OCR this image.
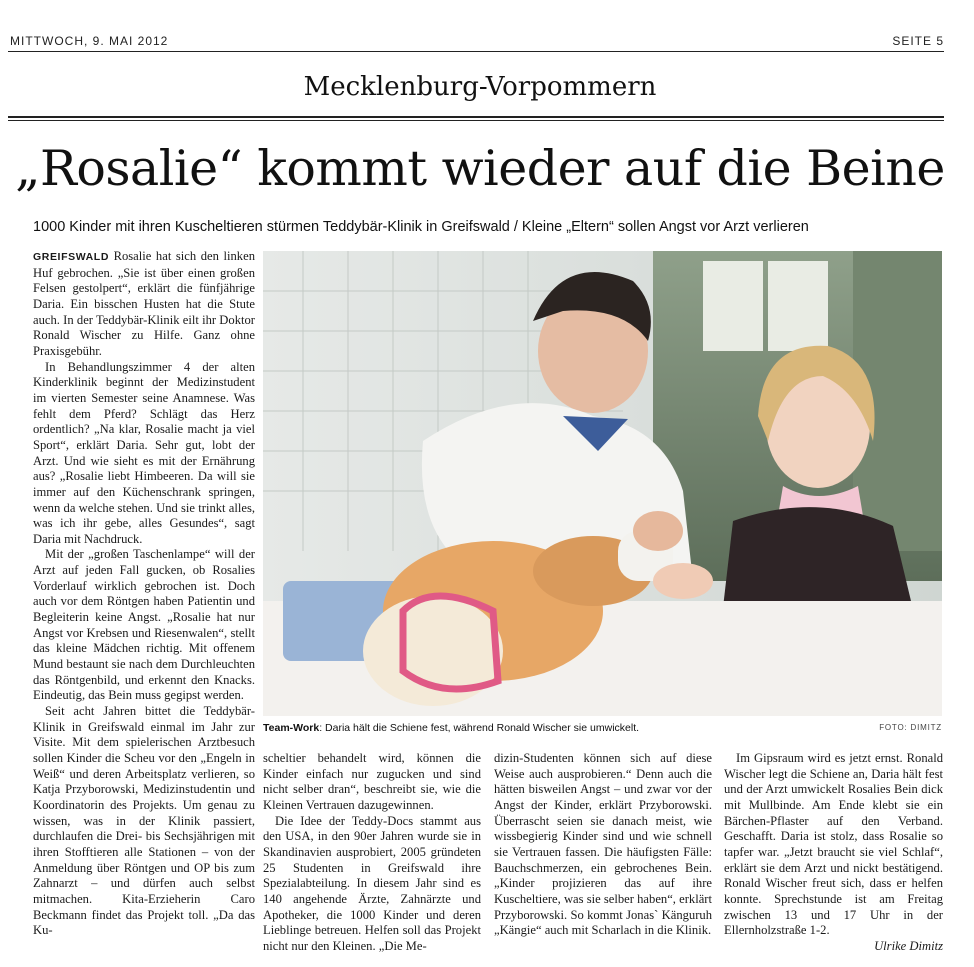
MITTWOCH, 9. MAI 2012	SEITE 5
Mecklenburg-Vorpommern
„Rosalie“ kommt wieder auf die Beine
1000 Kinder mit ihren Kuscheltieren stürmen Teddybär-Klinik in Greifswald / Kleine „Eltern“ sollen Angst vor Arzt verlieren

GREIFSWALD Rosalie hat sich den linken Huf gebrochen. „Sie ist über einen großen Felsen gestolpert“, erklärt die fünfjährige Daria. Ein bisschen Husten hat die Stute auch. In der Teddybär-Klinik eilt ihr Doktor Ronald Wischer zu Hilfe. Ganz ohne Praxisgebühr.

In Behandlungszimmer 4 der alten Kinderklinik beginnt der Medizinstudent im vierten Semester seine Anamnese. Was fehlt dem Pferd? Schlägt das Herz ordentlich? „Na klar, Rosalie macht ja viel Sport“, erklärt Daria. Sehr gut, lobt der Arzt. Und wie sieht es mit der Ernährung aus? „Rosalie liebt Himbeeren. Da will sie immer auf den Küchenschrank springen, wenn da welche stehen. Und sie trinkt alles, was ich ihr gebe, alles Gesundes“, sagt Daria mit Nachdruck.

Mit der „großen Taschenlampe“ will der Arzt auf jeden Fall gucken, ob Rosalies Vorderlauf wirklich gebrochen ist. Doch auch vor dem Röntgen haben Patientin und Begleiterin keine Angst. „Rosalie hat nur Angst vor Krebsen und Riesenwalen“, stellt das kleine Mädchen richtig. Mit offenem Mund bestaunt sie nach dem Durchleuchten das Röntgenbild, und erkennt den Knacks. Eindeutig, das Bein muss gegipst werden.

Seit acht Jahren bittet die Teddybär-Klinik in Greifswald einmal im Jahr zur Visite. Mit dem spielerischen Arztbesuch sollen Kinder die Scheu vor den „Engeln in Weiß“ und deren Arbeitsplatz verlieren, so Katja Przyborowski, Medizinstudentin und Koordinatorin des Projekts. Um genau zu wissen, was in der Klinik passiert, durchlaufen die Drei- bis Sechsjährigen mit ihren Stofftieren alle Stationen – von der Anmeldung über Röntgen und OP bis zum Zahnarzt – und dürfen auch selbst mitmachen. Kita-Erzieherin Caro Beckmann findet das Projekt toll. „Da das Ku-

Team-Work: Daria hält die Schiene fest, während Ronald Wischer sie umwickelt.	FOTO: DIMITZ

scheltier behandelt wird, können die Kinder einfach nur zugucken und sind nicht selber dran“, beschreibt sie, wie die Kleinen Vertrauen dazugewinnen.

Die Idee der Teddy-Docs stammt aus den USA, in den 90er Jahren wurde sie in Skandinavien ausprobiert, 2005 gründeten 25 Studenten in Greifswald ihre Spezialabteilung. In diesem Jahr sind es 140 angehende Ärzte, Zahnärzte und Apotheker, die 1000 Kinder und deren Lieblinge betreuen. Helfen soll das Projekt nicht nur den Kleinen. „Die Me-

dizin-Studenten können sich auf diese Weise auch ausprobieren.“ Denn auch die hätten bisweilen Angst – und zwar vor der Angst der Kinder, erklärt Przyborowski. Überrascht seien sie danach meist, wie wissbegierig Kinder sind und wie schnell sie Vertrauen fassen. Die häufigsten Fälle: Bauchschmerzen, ein gebrochenes Bein. „Kinder projizieren das auf ihre Kuscheltiere, was sie selber haben“, erklärt Przyborowski. So kommt Jonas` Känguruh „Kängie“ auch mit Scharlach in die Klinik.

Im Gipsraum wird es jetzt ernst. Ronald Wischer legt die Schiene an, Daria hält fest und der Arzt umwickelt Rosalies Bein dick mit Mullbinde. Am Ende klebt sie ein Bärchen-Pflaster auf den Verband. Geschafft. Daria ist stolz, dass Rosalie so tapfer war. „Jetzt braucht sie viel Schlaf“, erklärt sie dem Arzt und nickt bestätigend. Ronald Wischer freut sich, dass er helfen konnte. Sprechstunde ist am Freitag zwischen 13 und 17 Uhr in der Ellernholzstraße 1-2.

Ulrike Dimitz
